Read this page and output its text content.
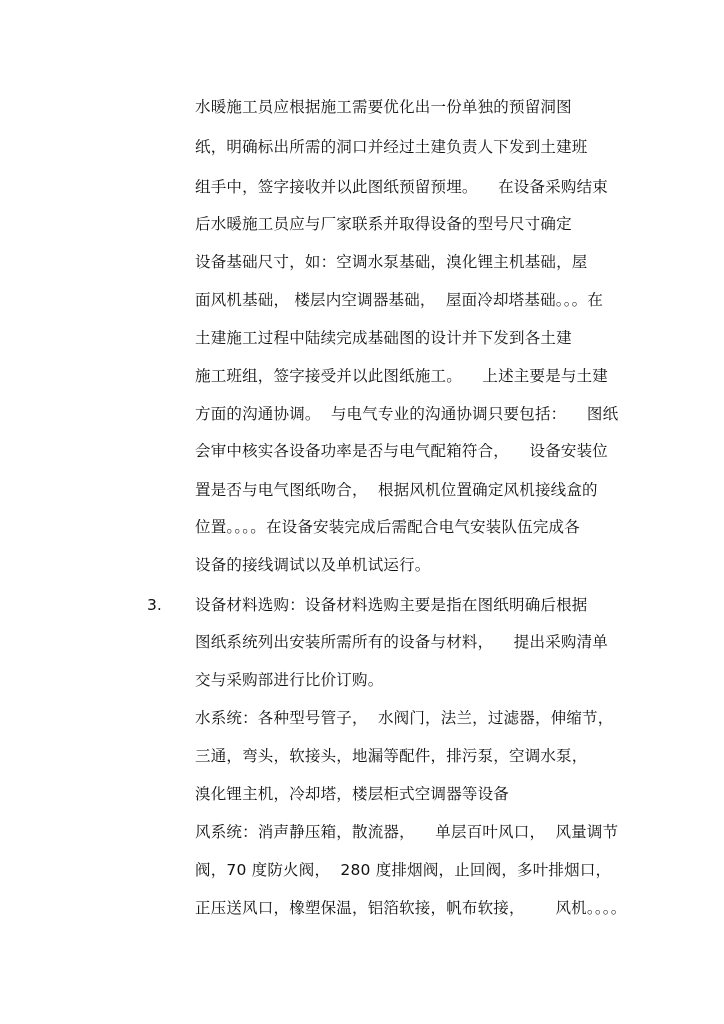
水暖施工员应根据施工需要优化出一份单独的预留洞图
纸，明确标出所需的洞口并经过土建负责人下发到土建班
组手中，签字接收并以此图纸预留预埋。    在设备采购结束
后水暖施工员应与厂家联系并取得设备的型号尺寸确定
设备基础尺寸，如：空调水泵基础，溴化锂主机基础，屋
面风机基础， 楼层内空调器基础，  屋面冷却塔基础。。。在
土建施工过程中陆续完成基础图的设计并下发到各土建
施工班组，签字接受并以此图纸施工。    上述主要是与土建
方面的沟通协调。  与电气专业的沟通协调只要包括：    图纸
会审中核实各设备功率是否与电气配箱符合，    设备安装位
置是否与电气图纸吻合，  根据风机位置确定风机接线盒的
位置。。。。在设备安装完成后需配合电气安装队伍完成各
设备的接线调试以及单机试运行。
3. 设备材料选购：设备材料选购主要是指在图纸明确后根据
图纸系统列出安装所需所有的设备与材料，    提出采购清单
交与采购部进行比价订购。
水系统：各种型号管子，  水阀门，法兰，过滤器，伸缩节，
三通，弯头，软接头，地漏等配件，排污泵，空调水泵，
溴化锂主机，冷却塔，楼层柜式空调器等设备
风系统：消声静压箱，散流器，    单层百叶风口，  风量调节
阀，70 度防火阀，  280 度排烟阀，止回阀，多叶排烟口，
正压送风口，橡塑保温，铝箔软接，帆布软接，      风机。。。。
